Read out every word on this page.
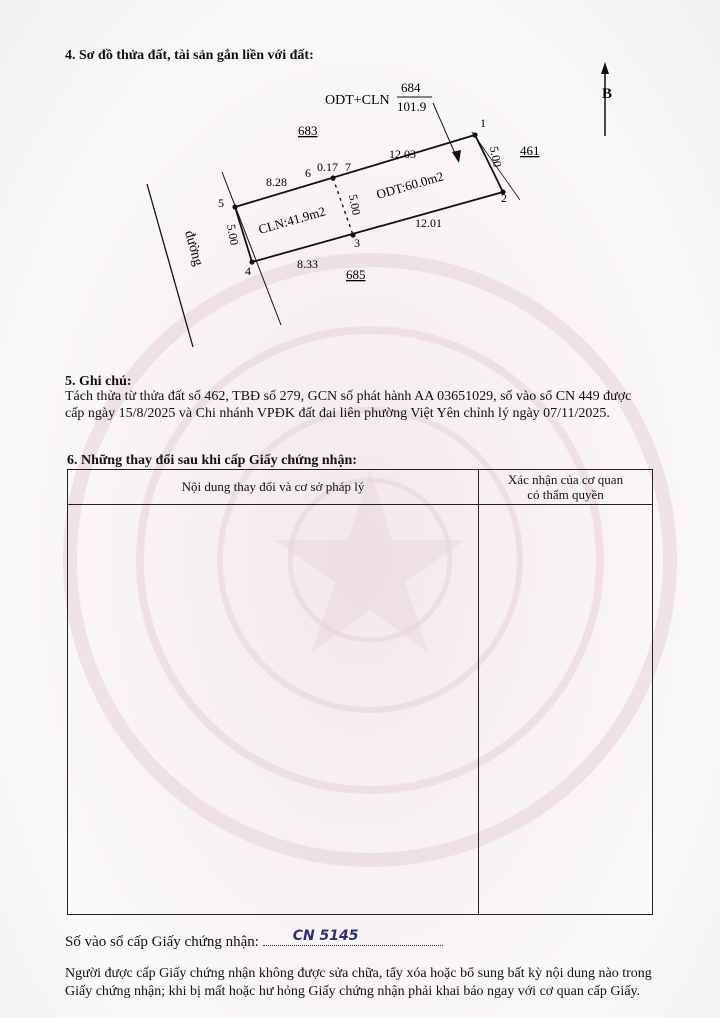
4. Sơ đồ thửa đất, tài sản gắn liền với đất:
B
ODT+CLN
684
101.9
683
461
685
đường
1
2
3
4
5
6	7
8.28
0.17
12.03	5.00
12.01
8.33
5.00
5.00
CLN:41.9m2
ODT:60.0m2
5. Ghi chú:
Tách thửa từ thửa đất số 462, TBĐ số 279, GCN số phát hành AA 03651029, số vào sổ CN 449 được
cấp ngày 15/8/2025 và Chi nhánh VPĐK đất đai liên phường Việt Yên chỉnh lý ngày 07/11/2025.
6. Những thay đổi sau khi cấp Giấy chứng nhận:
Nội dung thay đổi và cơ sở pháp lý	Xác nhận của cơ quan
có thẩm quyền

Số vào sổ cấp Giấy chứng nhận: CN 5145
Người được cấp Giấy chứng nhận không được sửa chữa, tẩy xóa hoặc bổ sung bất kỳ nội dung nào trong
Giấy chứng nhận; khi bị mất hoặc hư hỏng Giấy chứng nhận phải khai báo ngay với cơ quan cấp Giấy.
